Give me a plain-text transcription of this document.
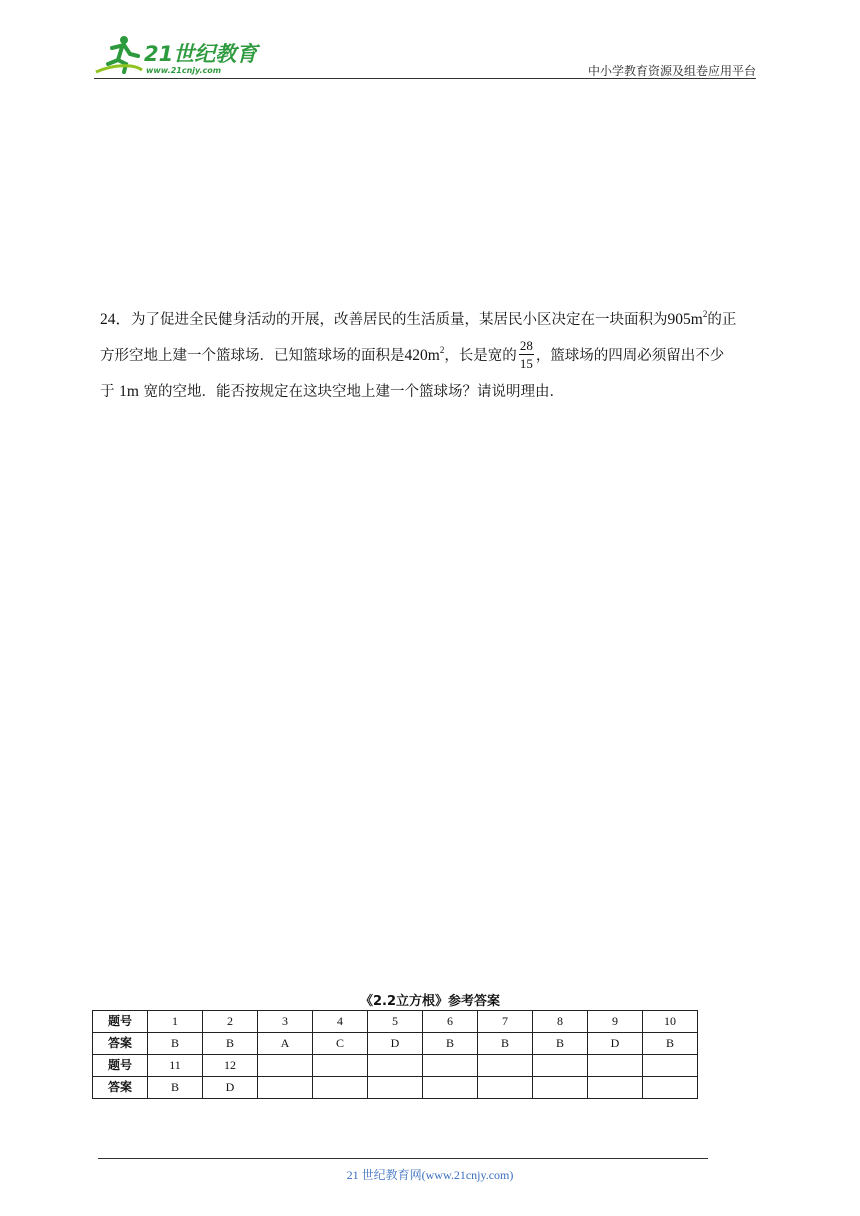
21世纪教育
www.21cnjy.com	中小学教育资源及组卷应用平台
24．为了促进全民健身活动的开展，改善居民的生活质量，某居民小区决定在一块面积为$905m^2$的正
方形空地上建一个篮球场．已知篮球场的面积是$420m^2$，长是宽的 $\frac{28}{15}$ ，篮球场的四周必须留出不少
于 1m 宽的空地．能否按规定在这块空地上建一个篮球场？请说明理由．
《2.2立方根》参考答案
题号	1	2	3	4	5	6	7	8	9	10
答案	B	B	A	C	D	B	B	B	D	B
题号	11	12								
答案	B	D								
21 世纪教育网(www.21cnjy.com)
